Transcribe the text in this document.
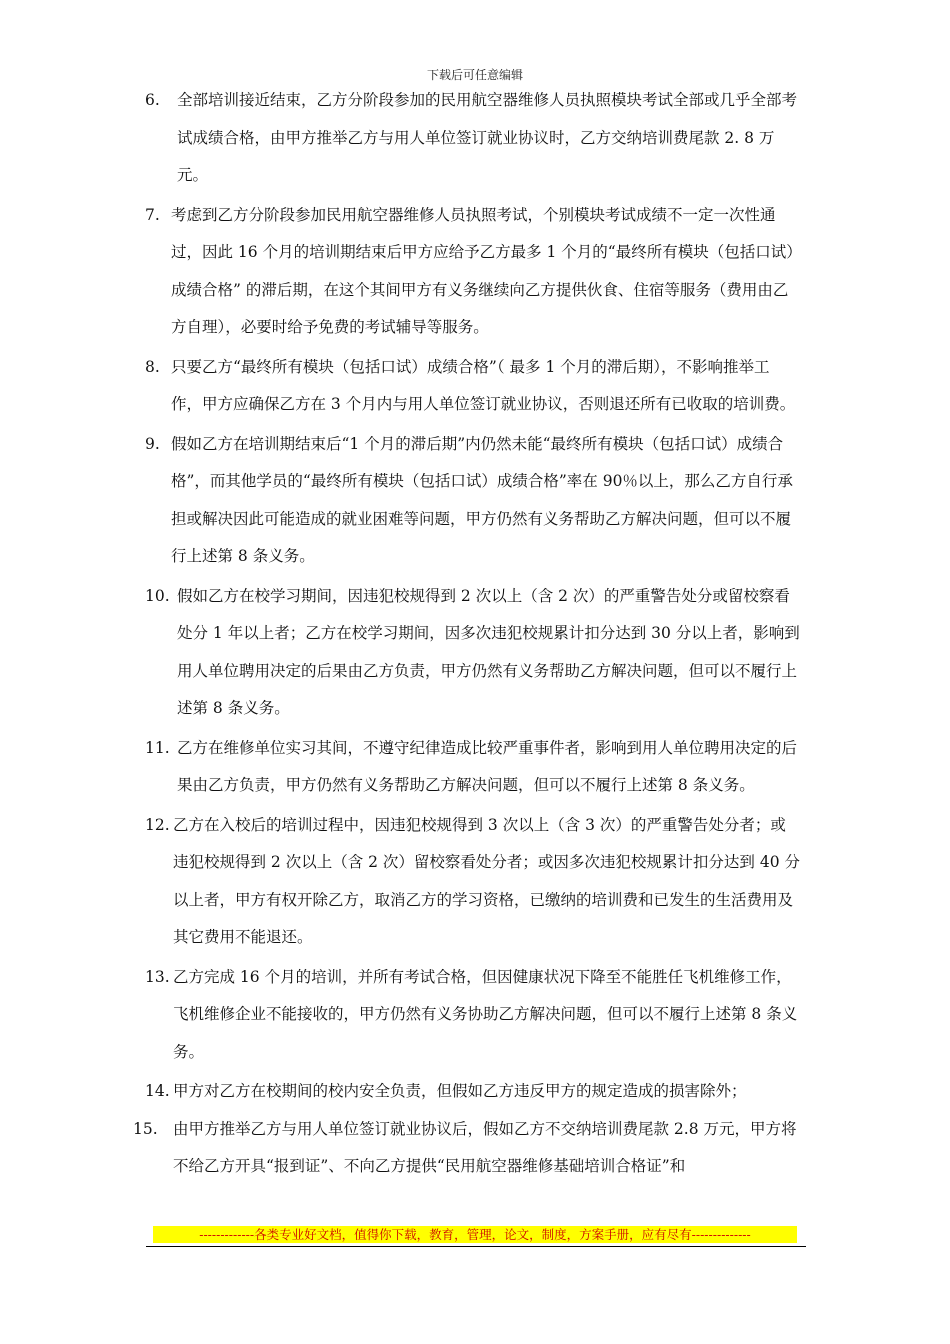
下载后可任意编辑
6. 全部培训接近结束，乙方分阶段参加的民用航空器维修人员执照模块考试全部或几乎全部考试成绩合格，由甲方推举乙方与用人单位签订就业协议时，乙方交纳培训费尾款 2. 8 万元。
7. 考虑到乙方分阶段参加民用航空器维修人员执照考试，个别模块考试成绩不一定一次性通过，因此 16 个月的培训期结束后甲方应给予乙方最多 1 个月的“最终所有模块（包括口试）成绩合格” 的滞后期，在这个其间甲方有义务继续向乙方提供伙食、住宿等服务（费用由乙方自理），必要时给予免费的考试辅导等服务。
8. 只要乙方“最终所有模块（包括口试）成绩合格”（ 最多 1 个月的滞后期），不影响推举工作，甲方应确保乙方在 3 个月内与用人单位签订就业协议，否则退还所有已收取的培训费。
9. 假如乙方在培训期结束后“1 个月的滞后期”内仍然未能“最终所有模块（包括口试）成绩合格”，而其他学员的“最终所有模块（包括口试）成绩合格”率在 90％以上，那么乙方自行承担或解决因此可能造成的就业困难等问题，甲方仍然有义务帮助乙方解决问题，但可以不履行上述第 8 条义务。
10. 假如乙方在校学习期间，因违犯校规得到 2 次以上（含 2 次）的严重警告处分或留校察看处分 1 年以上者；乙方在校学习期间，因多次违犯校规累计扣分达到 30 分以上者，影响到用人单位聘用决定的后果由乙方负责，甲方仍然有义务帮助乙方解决问题，但可以不履行上述第 8 条义务。
11. 乙方在维修单位实习其间，不遵守纪律造成比较严重事件者，影响到用人单位聘用决定的后果由乙方负责，甲方仍然有义务帮助乙方解决问题，但可以不履行上述第 8 条义务。
12. 乙方在入校后的培训过程中，因违犯校规得到 3 次以上（含 3 次）的严重警告处分者；或违犯校规得到 2 次以上（含 2 次）留校察看处分者；或因多次违犯校规累计扣分达到 40 分以上者，甲方有权开除乙方，取消乙方的学习资格，已缴纳的培训费和已发生的生活费用及其它费用不能退还。
13. 乙方完成 16 个月的培训，并所有考试合格，但因健康状况下降至不能胜任飞机维修工作，飞机维修企业不能接收的，甲方仍然有义务协助乙方解决问题，但可以不履行上述第 8 条义务。
14. 甲方对乙方在校期间的校内安全负责，但假如乙方违反甲方的规定造成的损害除外；
15. 由甲方推举乙方与用人单位签订就业协议后，假如乙方不交纳培训费尾款 2.8 万元，甲方将不给乙方开具“报到证”、不向乙方提供“民用航空器维修基础培训合格证”和
-------------各类专业好文档，值得你下载，教育，管理，论文，制度，方案手册，应有尽有--------------
